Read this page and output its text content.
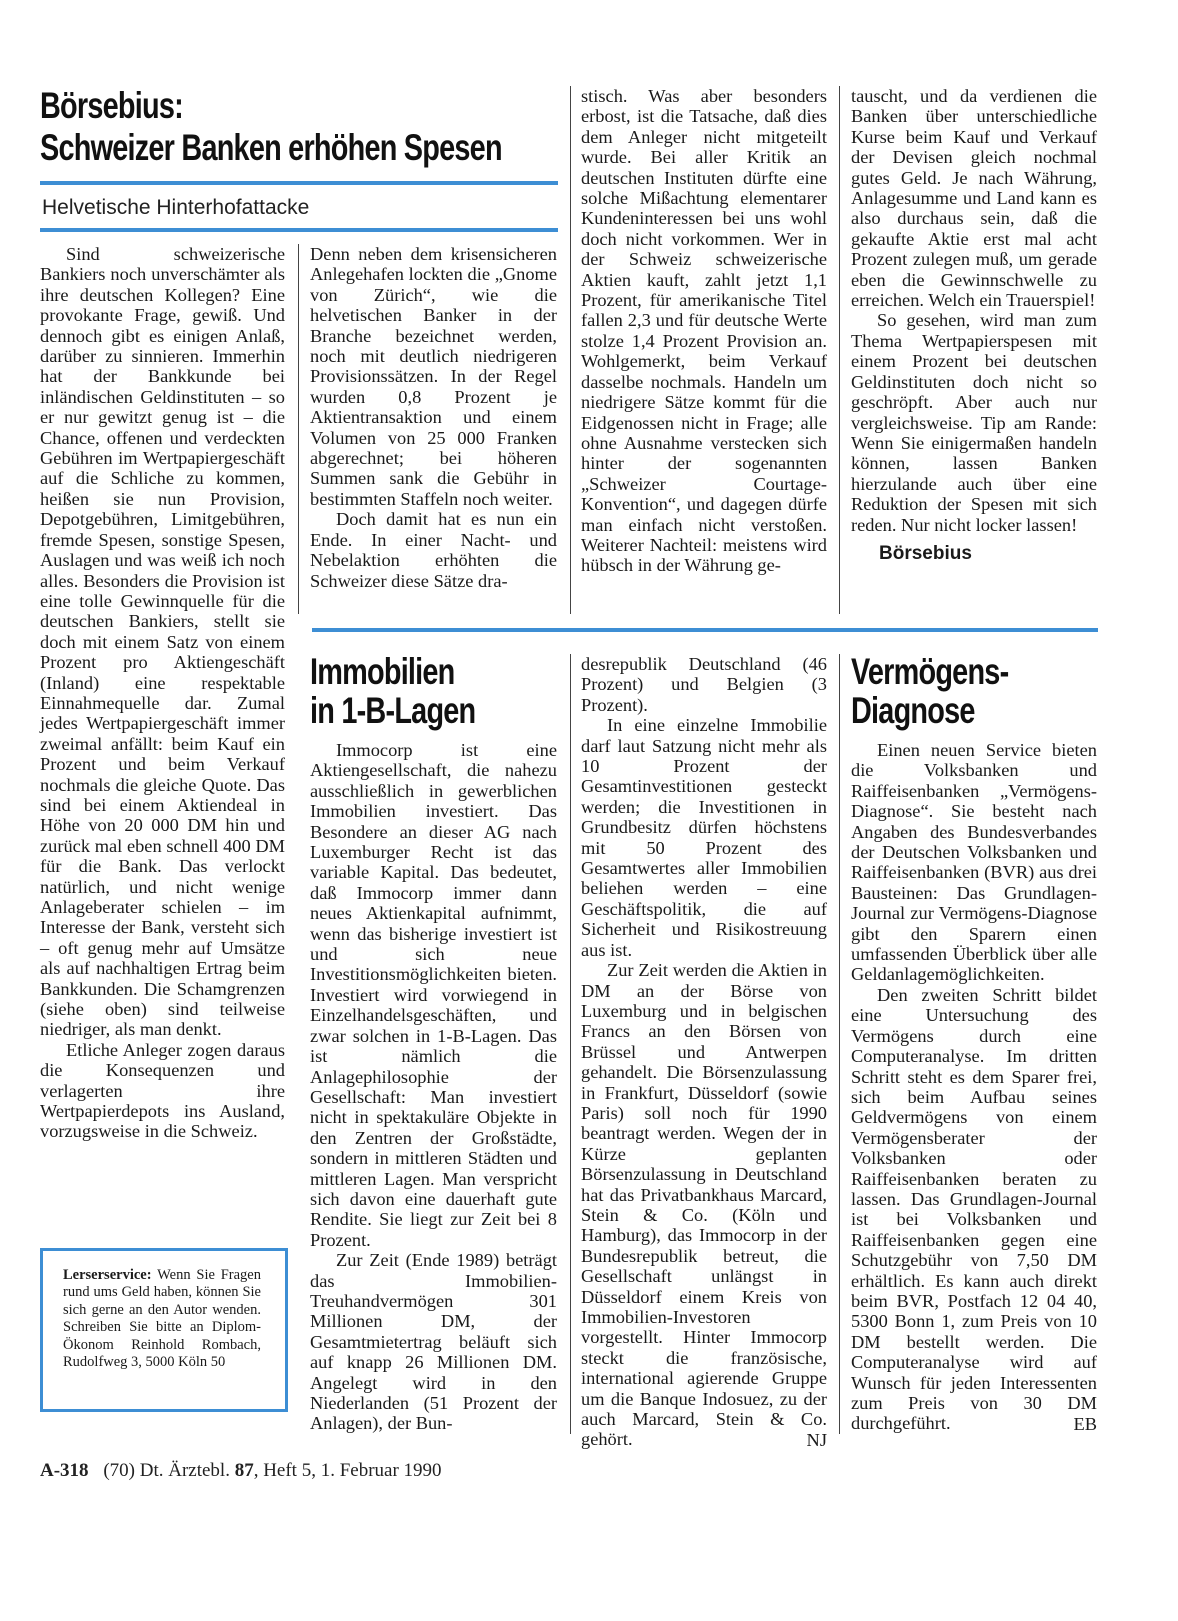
Börsebius:
Schweizer Banken erhöhen Spesen
Helvetische Hinterhofattacke

Sind schweizerische Bankiers noch unverschämter als ihre deutschen Kollegen? Eine provokante Frage, gewiß. Und dennoch gibt es einigen Anlaß, darüber zu sinnieren. Immerhin hat der Bankkunde bei inländischen Geldinstituten – so er nur gewitzt genug ist – die Chance, offenen und verdeckten Gebühren im Wertpapiergeschäft auf die Schliche zu kommen, heißen sie nun Provision, Depotgebühren, Limitgebühren, fremde Spesen, sonstige Spesen, Auslagen und was weiß ich noch alles. Besonders die Provision ist eine tolle Gewinnquelle für die deutschen Bankiers, stellt sie doch mit einem Satz von einem Prozent pro Aktiengeschäft (Inland) eine respektable Einnahmequelle dar. Zumal jedes Wertpapiergeschäft immer zweimal anfällt: beim Kauf ein Prozent und beim Verkauf nochmals die gleiche Quote. Das sind bei einem Aktiendeal in Höhe von 20 000 DM hin und zurück mal eben schnell 400 DM für die Bank. Das verlockt natürlich, und nicht wenige Anlageberater schielen – im Interesse der Bank, versteht sich – oft genug mehr auf Umsätze als auf nachhaltigen Ertrag beim Bankkunden. Die Schamgrenzen (siehe oben) sind teilweise niedriger, als man denkt.

Etliche Anleger zogen daraus die Konsequenzen und verlagerten ihre Wertpapierdepots ins Ausland, vorzugsweise in die Schweiz.

Denn neben dem krisensicheren Anlegehafen lockten die „Gnome von Zürich“, wie die helvetischen Banker in der Branche bezeichnet werden, noch mit deutlich niedrigeren Provisionssätzen. In der Regel wurden 0,8 Prozent je Aktientransaktion und einem Volumen von 25 000 Franken abgerechnet; bei höheren Summen sank die Gebühr in bestimmten Staffeln noch weiter.

Doch damit hat es nun ein Ende. In einer Nacht- und Nebelaktion erhöhten die Schweizer diese Sätze dra-

stisch. Was aber besonders erbost, ist die Tatsache, daß dies dem Anleger nicht mitgeteilt wurde. Bei aller Kritik an deutschen Instituten dürfte eine solche Mißachtung elementarer Kundeninteressen bei uns wohl doch nicht vorkommen. Wer in der Schweiz schweizerische Aktien kauft, zahlt jetzt 1,1 Prozent, für amerikanische Titel fallen 2,3 und für deutsche Werte stolze 1,4 Prozent Provision an. Wohlgemerkt, beim Verkauf dasselbe nochmals. Handeln um niedrigere Sätze kommt für die Eidgenossen nicht in Frage; alle ohne Ausnahme verstecken sich hinter der sogenannten „Schweizer Courtage-Konvention“, und dagegen dürfe man einfach nicht verstoßen. Weiterer Nachteil: meistens wird hübsch in der Währung ge-

tauscht, und da verdienen die Banken über unterschiedliche Kurse beim Kauf und Verkauf der Devisen gleich nochmal gutes Geld. Je nach Währung, Anlagesumme und Land kann es also durchaus sein, daß die gekaufte Aktie erst mal acht Prozent zulegen muß, um gerade eben die Gewinnschwelle zu erreichen. Welch ein Trauerspiel!

So gesehen, wird man zum Thema Wertpapierspesen mit einem Prozent bei deutschen Geldinstituten doch nicht so geschröpft. Aber auch nur vergleichsweise. Tip am Rande: Wenn Sie einigermaßen handeln können, lassen Banken hierzulande auch über eine Reduktion der Spesen mit sich reden. Nur nicht locker lassen!

Börsebius
Lerserservice: Wenn Sie Fragen rund ums Geld haben, können Sie sich gerne an den Autor wenden. Schreiben Sie bitte an Diplom-Ökonom Reinhold Rombach, Rudolfweg 3, 5000 Köln 50
Immobilien
in 1-B-Lagen

Immocorp ist eine Aktiengesellschaft, die nahezu ausschließlich in gewerblichen Immobilien investiert. Das Besondere an dieser AG nach Luxemburger Recht ist das variable Kapital. Das bedeutet, daß Immocorp immer dann neues Aktienkapital aufnimmt, wenn das bisherige investiert ist und sich neue Investitionsmöglichkeiten bieten. Investiert wird vorwiegend in Einzelhandelsgeschäften, und zwar solchen in 1-B-Lagen. Das ist nämlich die Anlagephilosophie der Gesellschaft: Man investiert nicht in spektakuläre Objekte in den Zentren der Großstädte, sondern in mittleren Städten und mittleren Lagen. Man verspricht sich davon eine dauerhaft gute Rendite. Sie liegt zur Zeit bei 8 Prozent.

Zur Zeit (Ende 1989) beträgt das Immobilien-Treuhandvermögen 301 Millionen DM, der Gesamtmietertrag beläuft sich auf knapp 26 Millionen DM. Angelegt wird in den Niederlanden (51 Prozent der Anlagen), der Bun-

desrepublik Deutschland (46 Prozent) und Belgien (3 Prozent).

In eine einzelne Immobilie darf laut Satzung nicht mehr als 10 Prozent der Gesamtinvestitionen gesteckt werden; die Investitionen in Grundbesitz dürfen höchstens mit 50 Prozent des Gesamtwertes aller Immobilien beliehen werden – eine Geschäftspolitik, die auf Sicherheit und Risikostreuung aus ist.

Zur Zeit werden die Aktien in DM an der Börse von Luxemburg und in belgischen Francs an den Börsen von Brüssel und Antwerpen gehandelt. Die Börsenzulassung in Frankfurt, Düsseldorf (sowie Paris) soll noch für 1990 beantragt werden. Wegen der in Kürze geplanten Börsenzulassung in Deutschland hat das Privatbankhaus Marcard, Stein & Co. (Köln und Hamburg), das Immocorp in der Bundesrepublik betreut, die Gesellschaft unlängst in Düsseldorf einem Kreis von Immobilien-Investoren vorgestellt. Hinter Immocorp steckt die französische, international agierende Gruppe um die Banque Indosuez, zu der auch Marcard, Stein & Co. gehört.	NJ
Vermögens-
Diagnose

Einen neuen Service bieten die Volksbanken und Raiffeisenbanken „Vermögens-Diagnose“. Sie besteht nach Angaben des Bundesverbandes der Deutschen Volksbanken und Raiffeisenbanken (BVR) aus drei Bausteinen: Das Grundlagen-Journal zur Vermögens-Diagnose gibt den Sparern einen umfassenden Überblick über alle Geldanlagemöglichkeiten.

Den zweiten Schritt bildet eine Untersuchung des Vermögens durch eine Computeranalyse. Im dritten Schritt steht es dem Sparer frei, sich beim Aufbau seines Geldvermögens von einem Vermögensberater der Volksbanken oder Raiffeisenbanken beraten zu lassen. Das Grundlagen-Journal ist bei Volksbanken und Raiffeisenbanken gegen eine Schutzgebühr von 7,50 DM erhältlich. Es kann auch direkt beim BVR, Postfach 12 04 40, 5300 Bonn 1, zum Preis von 10 DM bestellt werden. Die Computeranalyse wird auf Wunsch für jeden Interessenten zum Preis von 30 DM durchgeführt.	EB
A-318 (70) Dt. Ärztebl. 87, Heft 5, 1. Februar 1990
